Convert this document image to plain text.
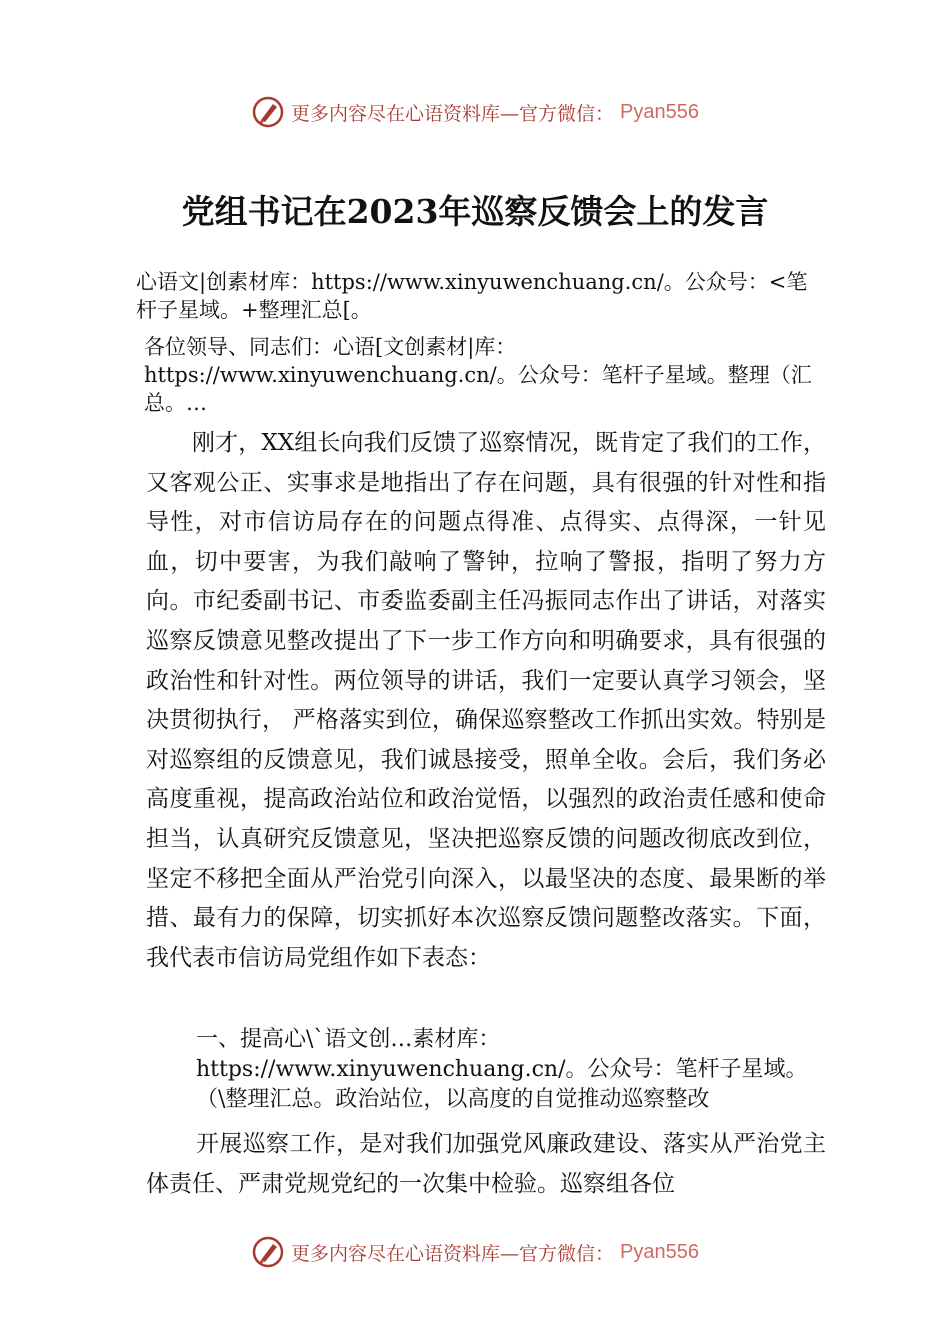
更多内容尽在心语资料库—官方微信： Pyan556
党组书记在2023年巡察反馈会上的发言

心语文|创素材库：https://www.xinyuwenchuang.cn/。公众号：<笔杆子星域。+整理汇总[。

各位领导、同志们：心语[文创素材|库：https://www.xinyuwenchuang.cn/。公众号：笔杆子星域。整理（汇总。…

刚才，XX组长向我们反馈了巡察情况，既肯定了我们的工作，又客观公正、实事求是地指出了存在问题，具有很强的针对性和指导性，对市信访局存在的问题点得准、点得实、点得深，一针见血，切中要害，为我们敲响了警钟，拉响了警报，指明了努力方向。市纪委副书记、市委监委副主任冯振同志作出了讲话，对落实巡察反馈意见整改提出了下一步工作方向和明确要求，具有很强的政治性和针对性。两位领导的讲话，我们一定要认真学习领会，坚决贯彻执行， 严格落实到位，确保巡察整改工作抓出实效。特别是对巡察组的反馈意见，我们诚恳接受，照单全收。会后，我们务必高度重视，提高政治站位和政治觉悟，以强烈的政治责任感和使命担当，认真研究反馈意见，坚决把巡察反馈的问题改彻底改到位，坚定不移把全面从严治党引向深入，以最坚决的态度、最果断的举措、最有力的保障，切实抓好本次巡察反馈问题整改落实。下面，我代表市信访局党组作如下表态：

一、提高心\`语文创…素材库：https://www.xinyuwenchuang.cn/。公众号：笔杆子星域。（\整理汇总。政治站位，以高度的自觉推动巡察整改

开展巡察工作，是对我们加强党风廉政建设、落实从严治党主体责任、严肃党规党纪的一次集中检验。巡察组各位

更多内容尽在心语资料库—官方微信： Pyan556
